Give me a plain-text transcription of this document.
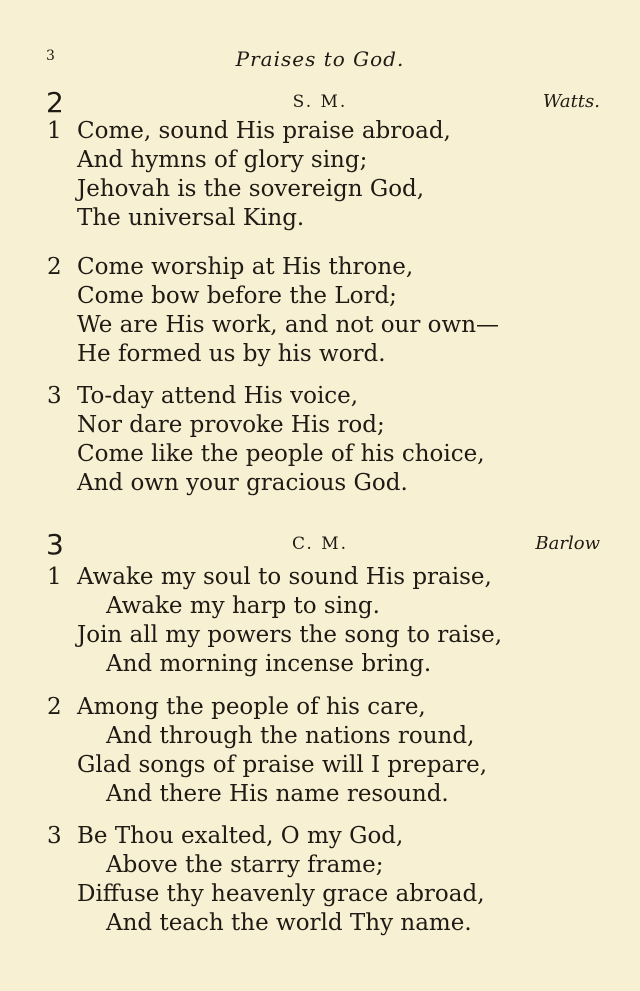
3	Praises to God.
2	S. M.	Watts.
1 Come, sound His praise abroad,
And hymns of glory sing;
Jehovah is the sovereign God,
The universal King.
2 Come worship at His throne,
Come bow before the Lord;
We are His work, and not our own—
He formed us by his word.
3 To-day attend His voice,
Nor dare provoke His rod;
Come like the people of his choice,
And own your gracious God.
3	C. M.	Barlow
1 Awake my soul to sound His praise,
Awake my harp to sing.
Join all my powers the song to raise,
And morning incense bring.
2 Among the people of his care,
And through the nations round,
Glad songs of praise will I prepare,
And there His name resound.
3 Be Thou exalted, O my God,
Above the starry frame;
Diffuse thy heavenly grace abroad,
And teach the world Thy name.
